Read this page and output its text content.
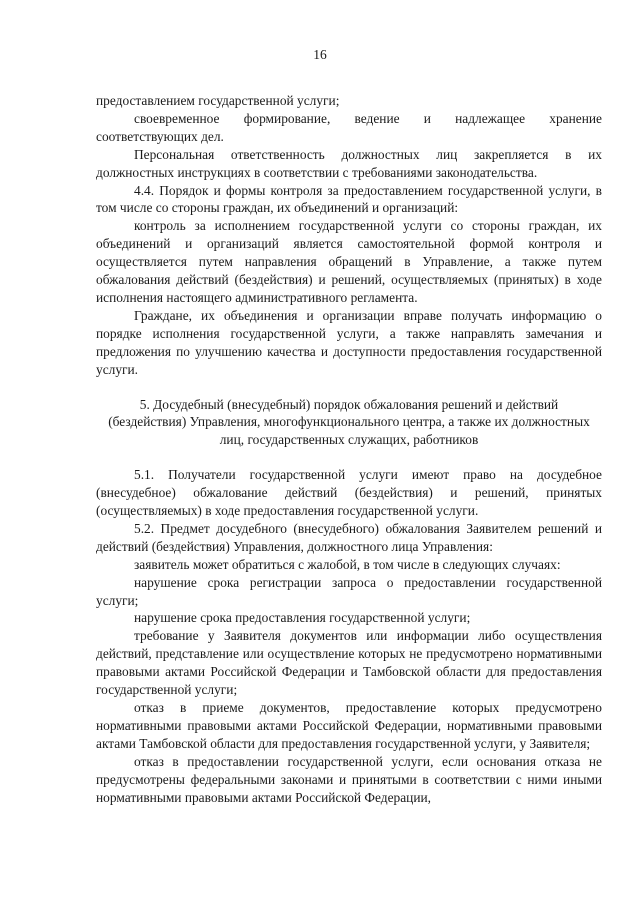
16

предоставлением государственной услуги;

своевременное формирование, ведение и надлежащее хранение соответствующих дел.

Персональная ответственность должностных лиц закрепляется в их должностных инструкциях в соответствии с требованиями законодательства.

4.4. Порядок и формы контроля за предоставлением государственной услуги, в том числе со стороны граждан, их объединений и организаций:

контроль за исполнением государственной услуги со стороны граждан, их объединений и организаций является самостоятельной формой контроля и осуществляется путем направления обращений в Управление, а также путем обжалования действий (бездействия) и решений, осуществляемых (принятых) в ходе исполнения настоящего административного регламента.

Граждане, их объединения и организации вправе получать информацию о порядке исполнения государственной услуги, а также направлять замечания и предложения по улучшению качества и доступности предоставления государственной услуги.

5. Досудебный (внесудебный) порядок обжалования решений и действий (бездействия) Управления, многофункционального центра, а также их должностных лиц, государственных служащих, работников

5.1. Получатели государственной услуги имеют право на досудебное (внесудебное) обжалование действий (бездействия) и решений, принятых (осуществляемых) в ходе предоставления государственной услуги.

5.2. Предмет досудебного (внесудебного) обжалования Заявителем решений и действий (бездействия) Управления, должностного лица Управления:

заявитель может обратиться с жалобой, в том числе в следующих случаях:

нарушение срока регистрации запроса о предоставлении государственной услуги;

нарушение срока предоставления государственной услуги;

требование у Заявителя документов или информации либо осуществления действий, представление или осуществление которых не предусмотрено нормативными правовыми актами Российской Федерации и Тамбовской области для предоставления государственной услуги;

отказ в приеме документов, предоставление которых предусмотрено нормативными правовыми актами Российской Федерации, нормативными правовыми актами Тамбовской области для предоставления государственной услуги, у Заявителя;

отказ в предоставлении государственной услуги, если основания отказа не предусмотрены федеральными законами и принятыми в соответствии с ними иными нормативными правовыми актами Российской Федерации,
